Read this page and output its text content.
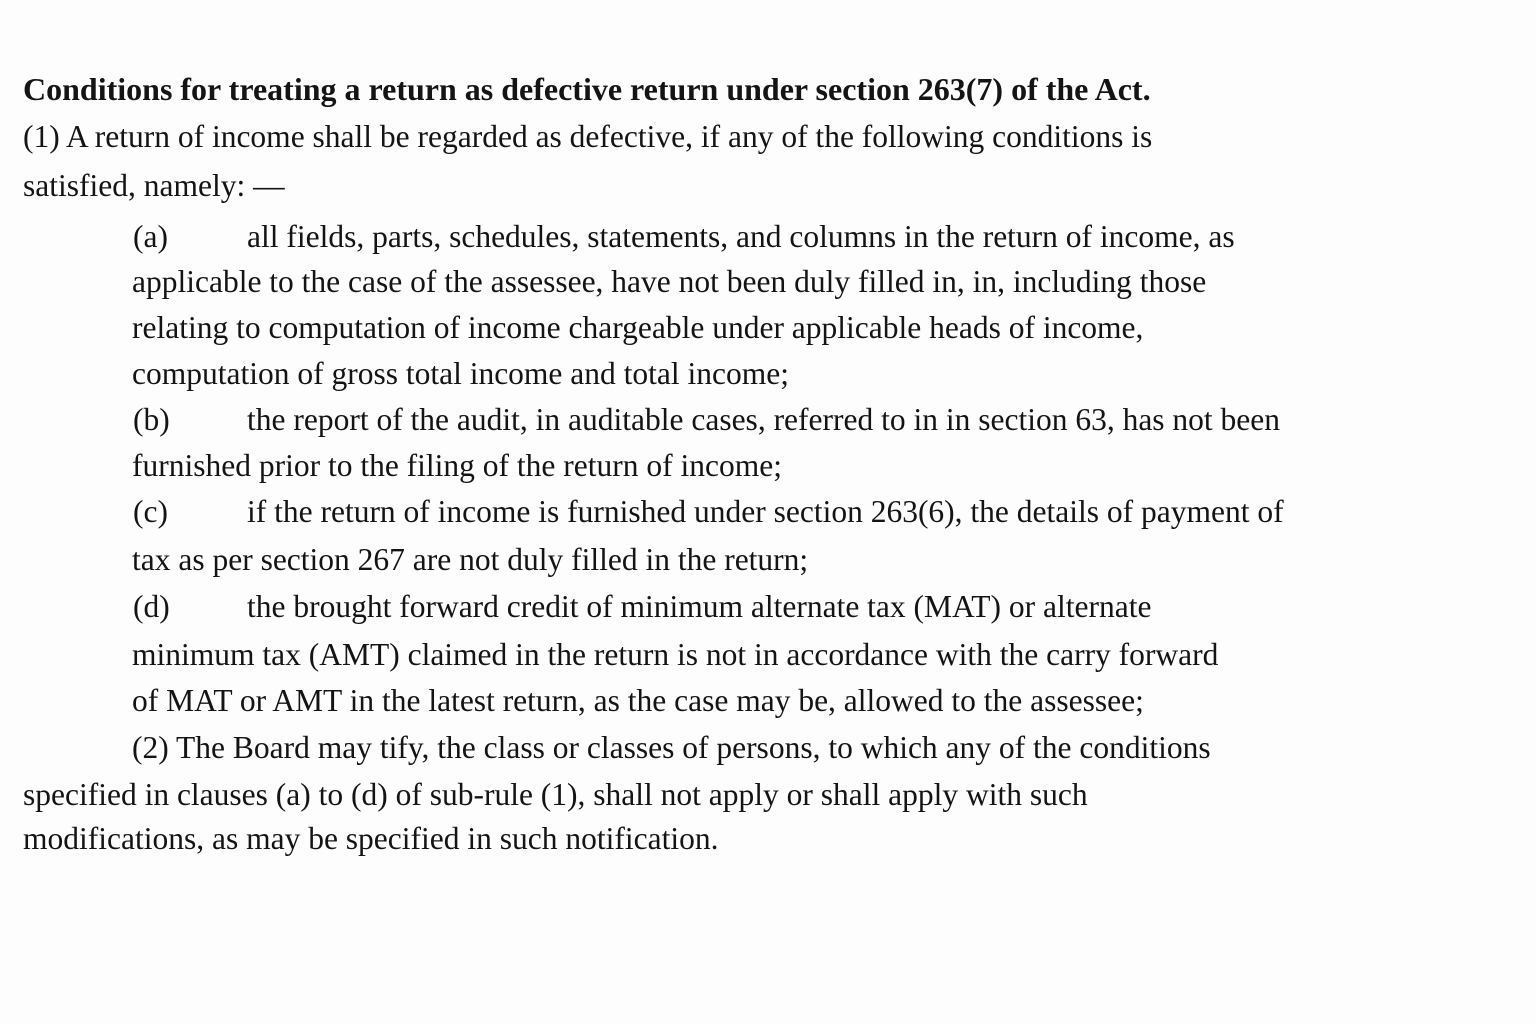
Conditions for treating a return as defective return under section 263(7) of the Act.
(1) A return of income shall be regarded as defective, if any of the following conditions is
satisfied, namely: —
(a)	all fields, parts, schedules, statements, and columns in the return of income, as
applicable to the case of the assessee, have not been duly filled in, in, including those
relating to computation of income chargeable under applicable heads of income,
computation of gross total income and total income;
(b) the report of the audit, in auditable cases, referred to in in section 63, has not been
furnished prior to the filing of the return of income;
(c)	if the return of income is furnished under section 263(6), the details of payment of
tax as per section 267 are not duly filled in the return;
(d) the brought forward credit of minimum alternate tax (MAT) or alternate
minimum tax (AMT) claimed in the return is not in accordance with the carry forward
of MAT or AMT in the latest return, as the case may be, allowed to the assessee;
(2) The Board may tify, the class or classes of persons, to which any of the conditions
specified in clauses (a) to (d) of sub-rule (1), shall not apply or shall apply with such
modifications, as may be specified in such notification.
